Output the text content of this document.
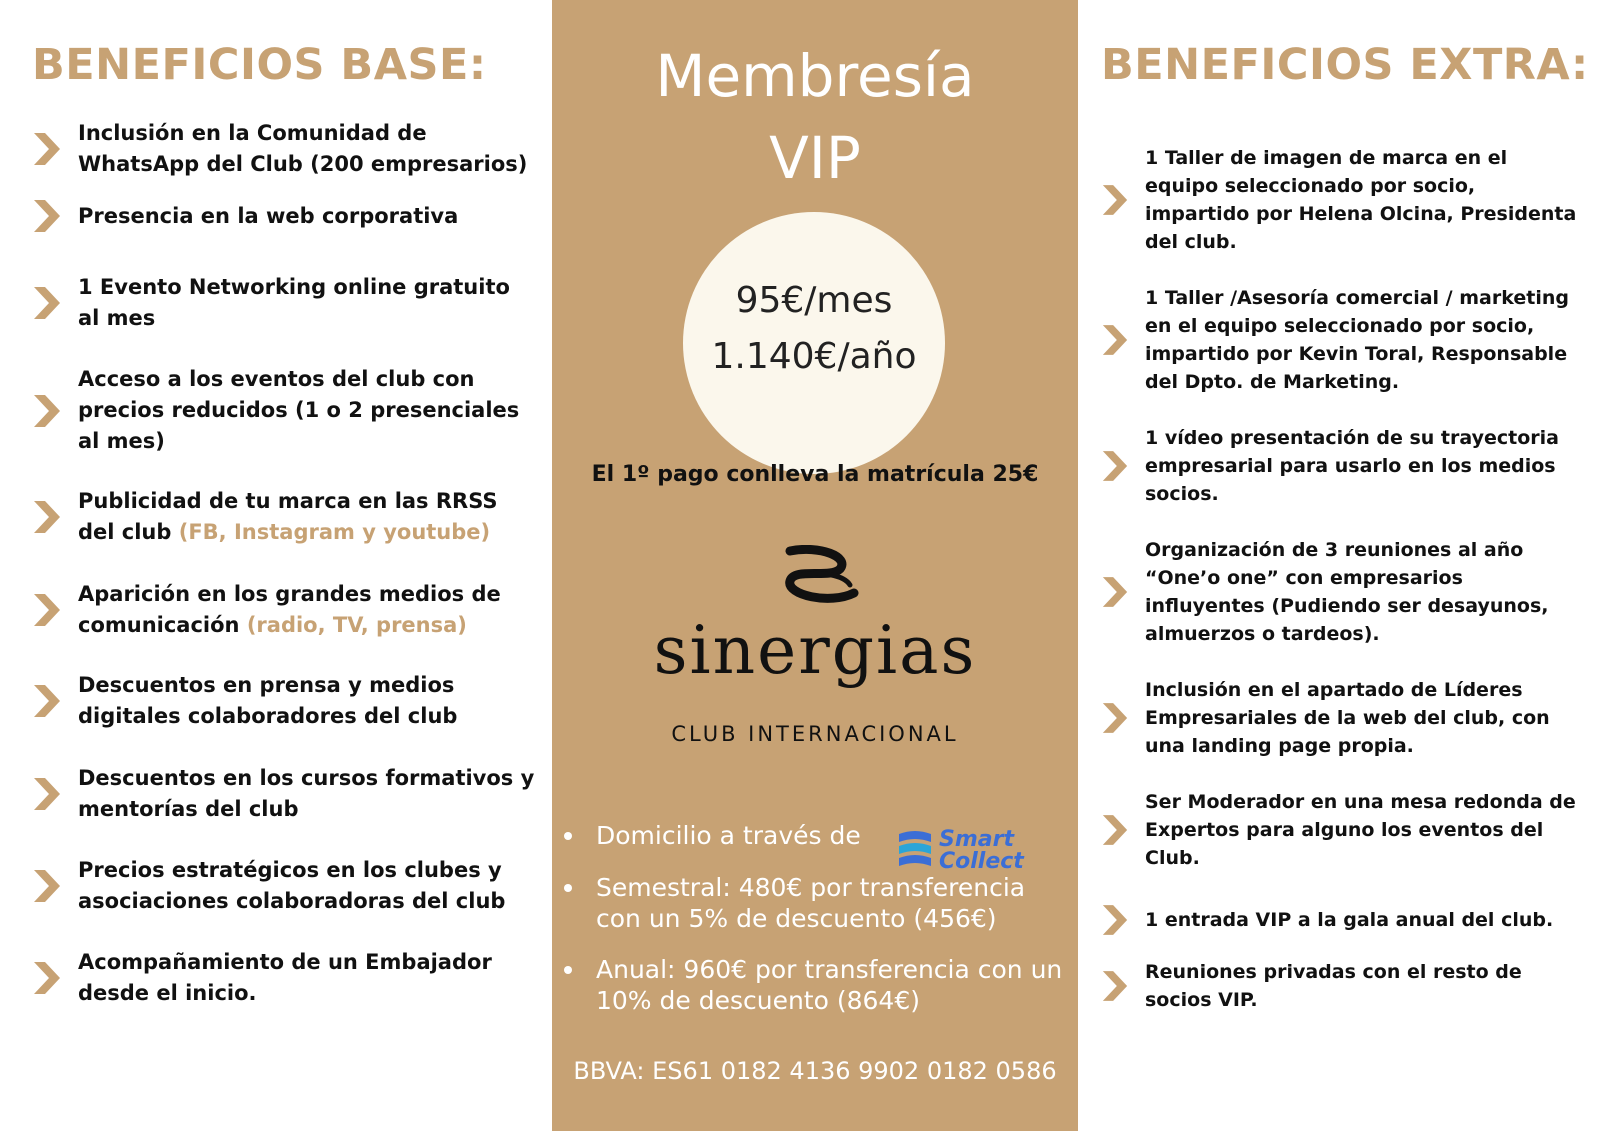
BENEFICIOS BASE:
Inclusión en la Comunidad de WhatsApp del Club (200 empresarios)
Presencia en la web corporativa
1 Evento Networking online gratuito al mes
Acceso a los eventos del club con precios reducidos (1 o 2 presenciales al mes)
Publicidad de tu marca en las RRSS del club (FB, Instagram y youtube)
Aparición en los grandes medios de comunicación (radio, TV, prensa)
Descuentos en prensa y medios digitales colaboradores del club
Descuentos en los cursos formativos y mentorías del club
Precios estratégicos en los clubes y asociaciones colaboradoras del club
Acompañamiento de un Embajador desde el inicio.
Membresía
VIP
95€/mes
1.140€/año
El 1º pago conlleva la matrícula 25€
sinergias
CLUB INTERNACIONAL
Domicilio a través de	Smart
Collect
Semestral: 480€ por transferencia con un 5% de descuento (456€)
Anual: 960€ por transferencia con un 10% de descuento (864€)
BBVA: ES61 0182 4136 9902 0182 0586
BENEFICIOS EXTRA:
1 Taller de imagen de marca en el equipo seleccionado por socio, impartido por Helena Olcina, Presidenta del club.
1 Taller /Asesoría comercial / marketing en el equipo seleccionado por socio, impartido por Kevin Toral, Responsable del Dpto. de Marketing.
1 vídeo presentación de su trayectoria empresarial para usarlo en los medios socios.
Organización de 3 reuniones al año “One’o one” con empresarios influyentes (Pudiendo ser desayunos, almuerzos o tardeos).
Inclusión en el apartado de Líderes Empresariales de la web del club, con una landing page propia.
Ser Moderador en una mesa redonda de Expertos para alguno los eventos del Club.
1 entrada VIP a la gala anual del club.
Reuniones privadas con el resto de socios VIP.
